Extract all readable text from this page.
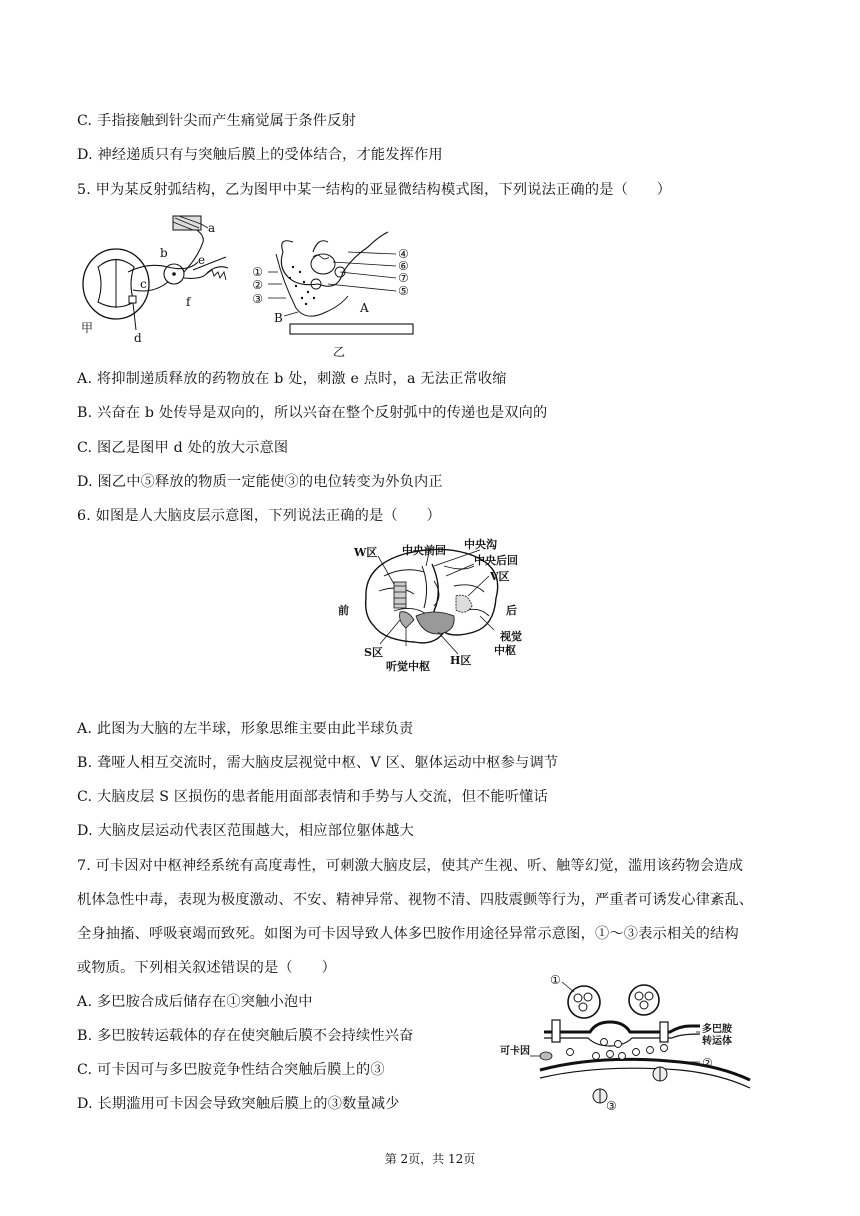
C. 手指接触到针尖而产生痛觉属于条件反射
D. 神经递质只有与突触后膜上的受体结合，才能发挥作用
5. 甲为某反射弧结构，乙为图甲中某一结构的亚显微结构模式图，下列说法正确的是（　　）
a
b
c
d
e
f
甲
①
②
③
④
⑥
⑦
⑤
A
B
乙
A. 将抑制递质释放的药物放在 b 处，刺激 e 点时，a 无法正常收缩
B. 兴奋在 b 处传导是双向的，所以兴奋在整个反射弧中的传递也是双向的
C. 图乙是图甲 d 处的放大示意图
D. 图乙中⑤释放的物质一定能使③的电位转变为外负内正
6. 如图是人大脑皮层示意图，下列说法正确的是（　　）
W区 中央前回 中央沟
中央后回
V区
前	后
S区
听觉中枢 H区
视觉
中枢
A. 此图为大脑的左半球，形象思维主要由此半球负责
B. 聋哑人相互交流时，需大脑皮层视觉中枢、V 区、躯体运动中枢参与调节
C. 大脑皮层 S 区损伤的患者能用面部表情和手势与人交流，但不能听懂话
D. 大脑皮层运动代表区范围越大，相应部位躯体越大
7. 可卡因对中枢神经系统有高度毒性，可刺激大脑皮层，使其产生视、听、触等幻觉，滥用该药物会造成
机体急性中毒，表现为极度激动、不安、精神异常、视物不清、四肢震颤等行为，严重者可诱发心律紊乱、
全身抽搐、呼吸衰竭而致死。如图为可卡因导致人体多巴胺作用途径异常示意图，①～③表示相关的结构
或物质。下列相关叙述错误的是（　　）
A. 多巴胺合成后储存在①突触小泡中
B. 多巴胺转运载体的存在使突触后膜不会持续性兴奋
C. 可卡因可与多巴胺竞争性结合突触后膜上的③
D. 长期滥用可卡因会导致突触后膜上的③数量减少
①
②
③
可卡因
多巴胺
转运体
第 2页，共 12页
